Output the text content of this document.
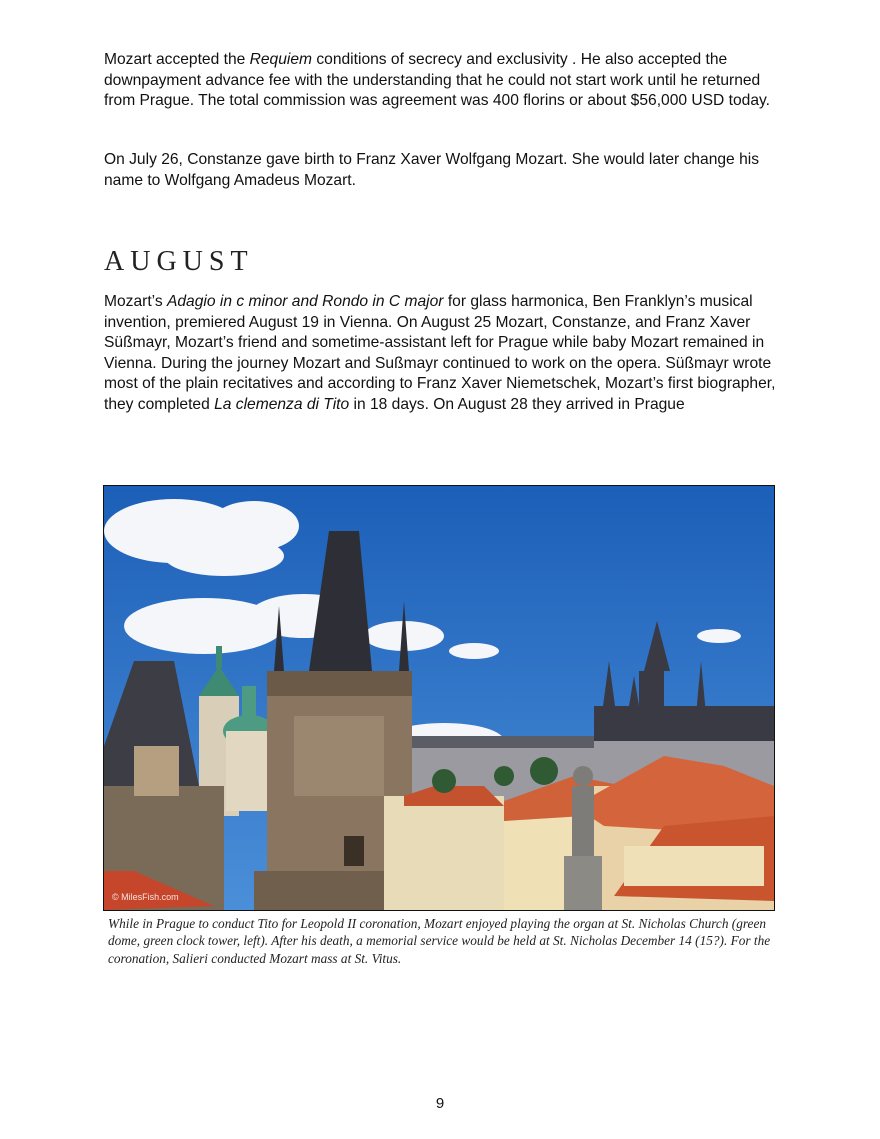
Mozart accepted the Requiem conditions of secrecy and exclusivity . He also accepted the downpayment advance fee with the understanding that he could not start work until he returned from Prague. The total commission was agreement was 400 florins or about $56,000 USD today.

On July 26, Constanze gave birth to Franz Xaver Wolfgang Mozart. She would later change his name to Wolfgang Amadeus Mozart.

AUGUST

Mozart’s Adagio in c minor and Rondo in C major for glass harmonica, Ben Franklyn’s musical invention, premiered August 19 in Vienna. On August 25 Mozart, Constanze, and Franz Xaver Süßmayr, Mozart’s friend and sometime-assistant left for Prague while baby Mozart remained in Vienna. During the journey Mozart and Sußmayr continued to work on the opera. Süßmayr wrote most of the plain recitatives and according to Franz Xaver Niemetschek, Mozart’s first biographer, they completed La clemenza di Tito in 18 days. On August 28 they arrived in Prague

© MilesFish.com

While in Prague to conduct Tito for Leopold II coronation, Mozart enjoyed playing the organ at St. Nicholas Church (green dome, green clock tower, left). After his death, a memorial service would be held at St. Nicholas December 14 (15?). For the coronation, Salieri conducted Mozart mass at St. Vitus.

9
